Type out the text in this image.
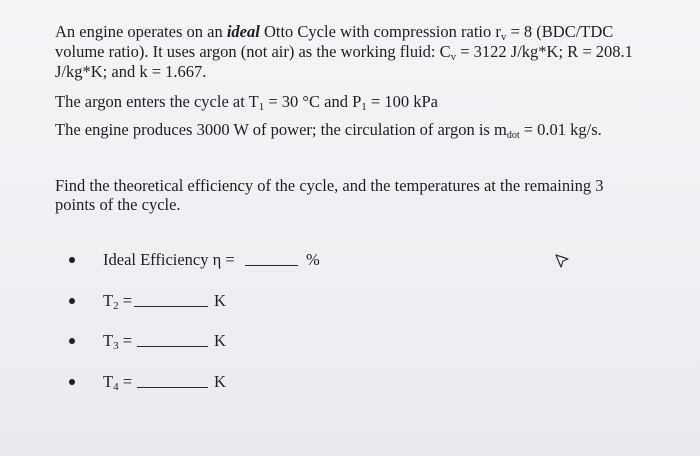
An engine operates on an ideal Otto Cycle with compression ratio $r_v = 8$ (BDC/TDC
volume ratio). It uses argon (not air) as the working fluid: $C_v = 3122$ J/kg*K; R = 208.1
J/kg*K; and k = 1.667.
The argon enters the cycle at $T_1 = 30$ °C and $P_1 = 100$ kPa
The engine produces 3000 W of power; the circulation of argon is $m_{dot} = 0.01$ kg/s.
Find the theoretical efficiency of the cycle, and the temperatures at the remaining 3
points of the cycle.
Ideal Efficiency η =	%
$T_2$ =	K
$T_3$ =	K
$T_4$ =	K
